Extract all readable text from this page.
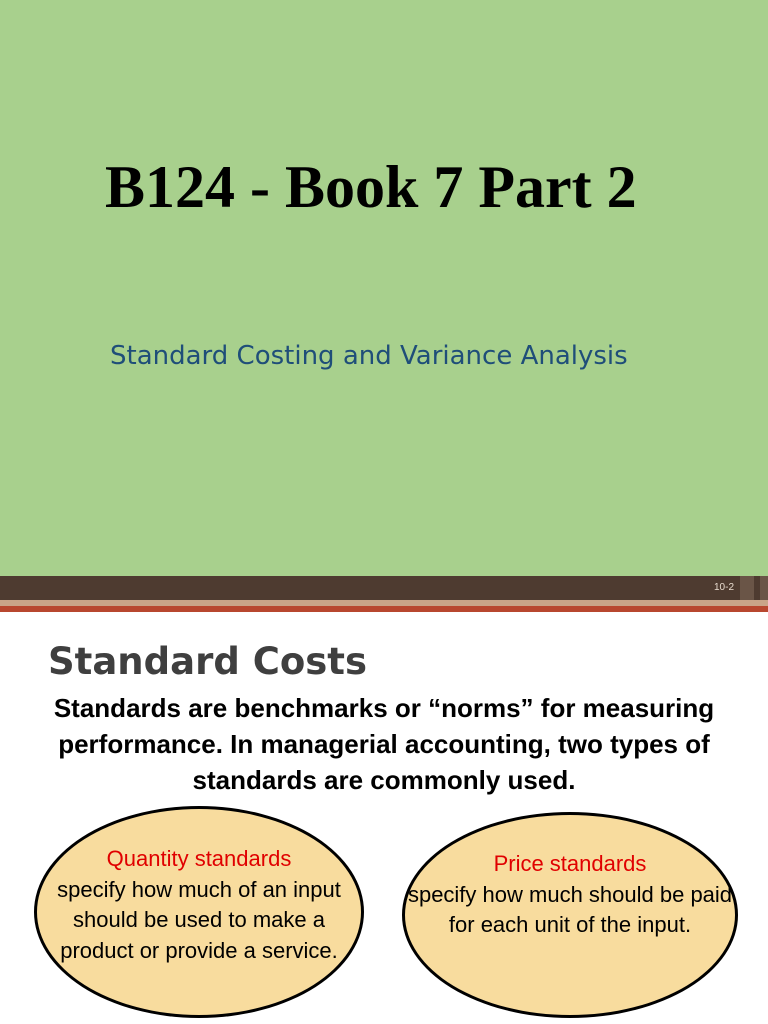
B124 - Book 7 Part 2

Standard Costing and Variance Analysis

10-2
Standard Costs

Standards are benchmarks or “norms” for measuring performance. In managerial accounting, two types of standards are commonly used.

Quantity standards
specify how much of an input should be used to make a product or provide a service.
Price standards
specify how much should be paid for each unit of the input.
